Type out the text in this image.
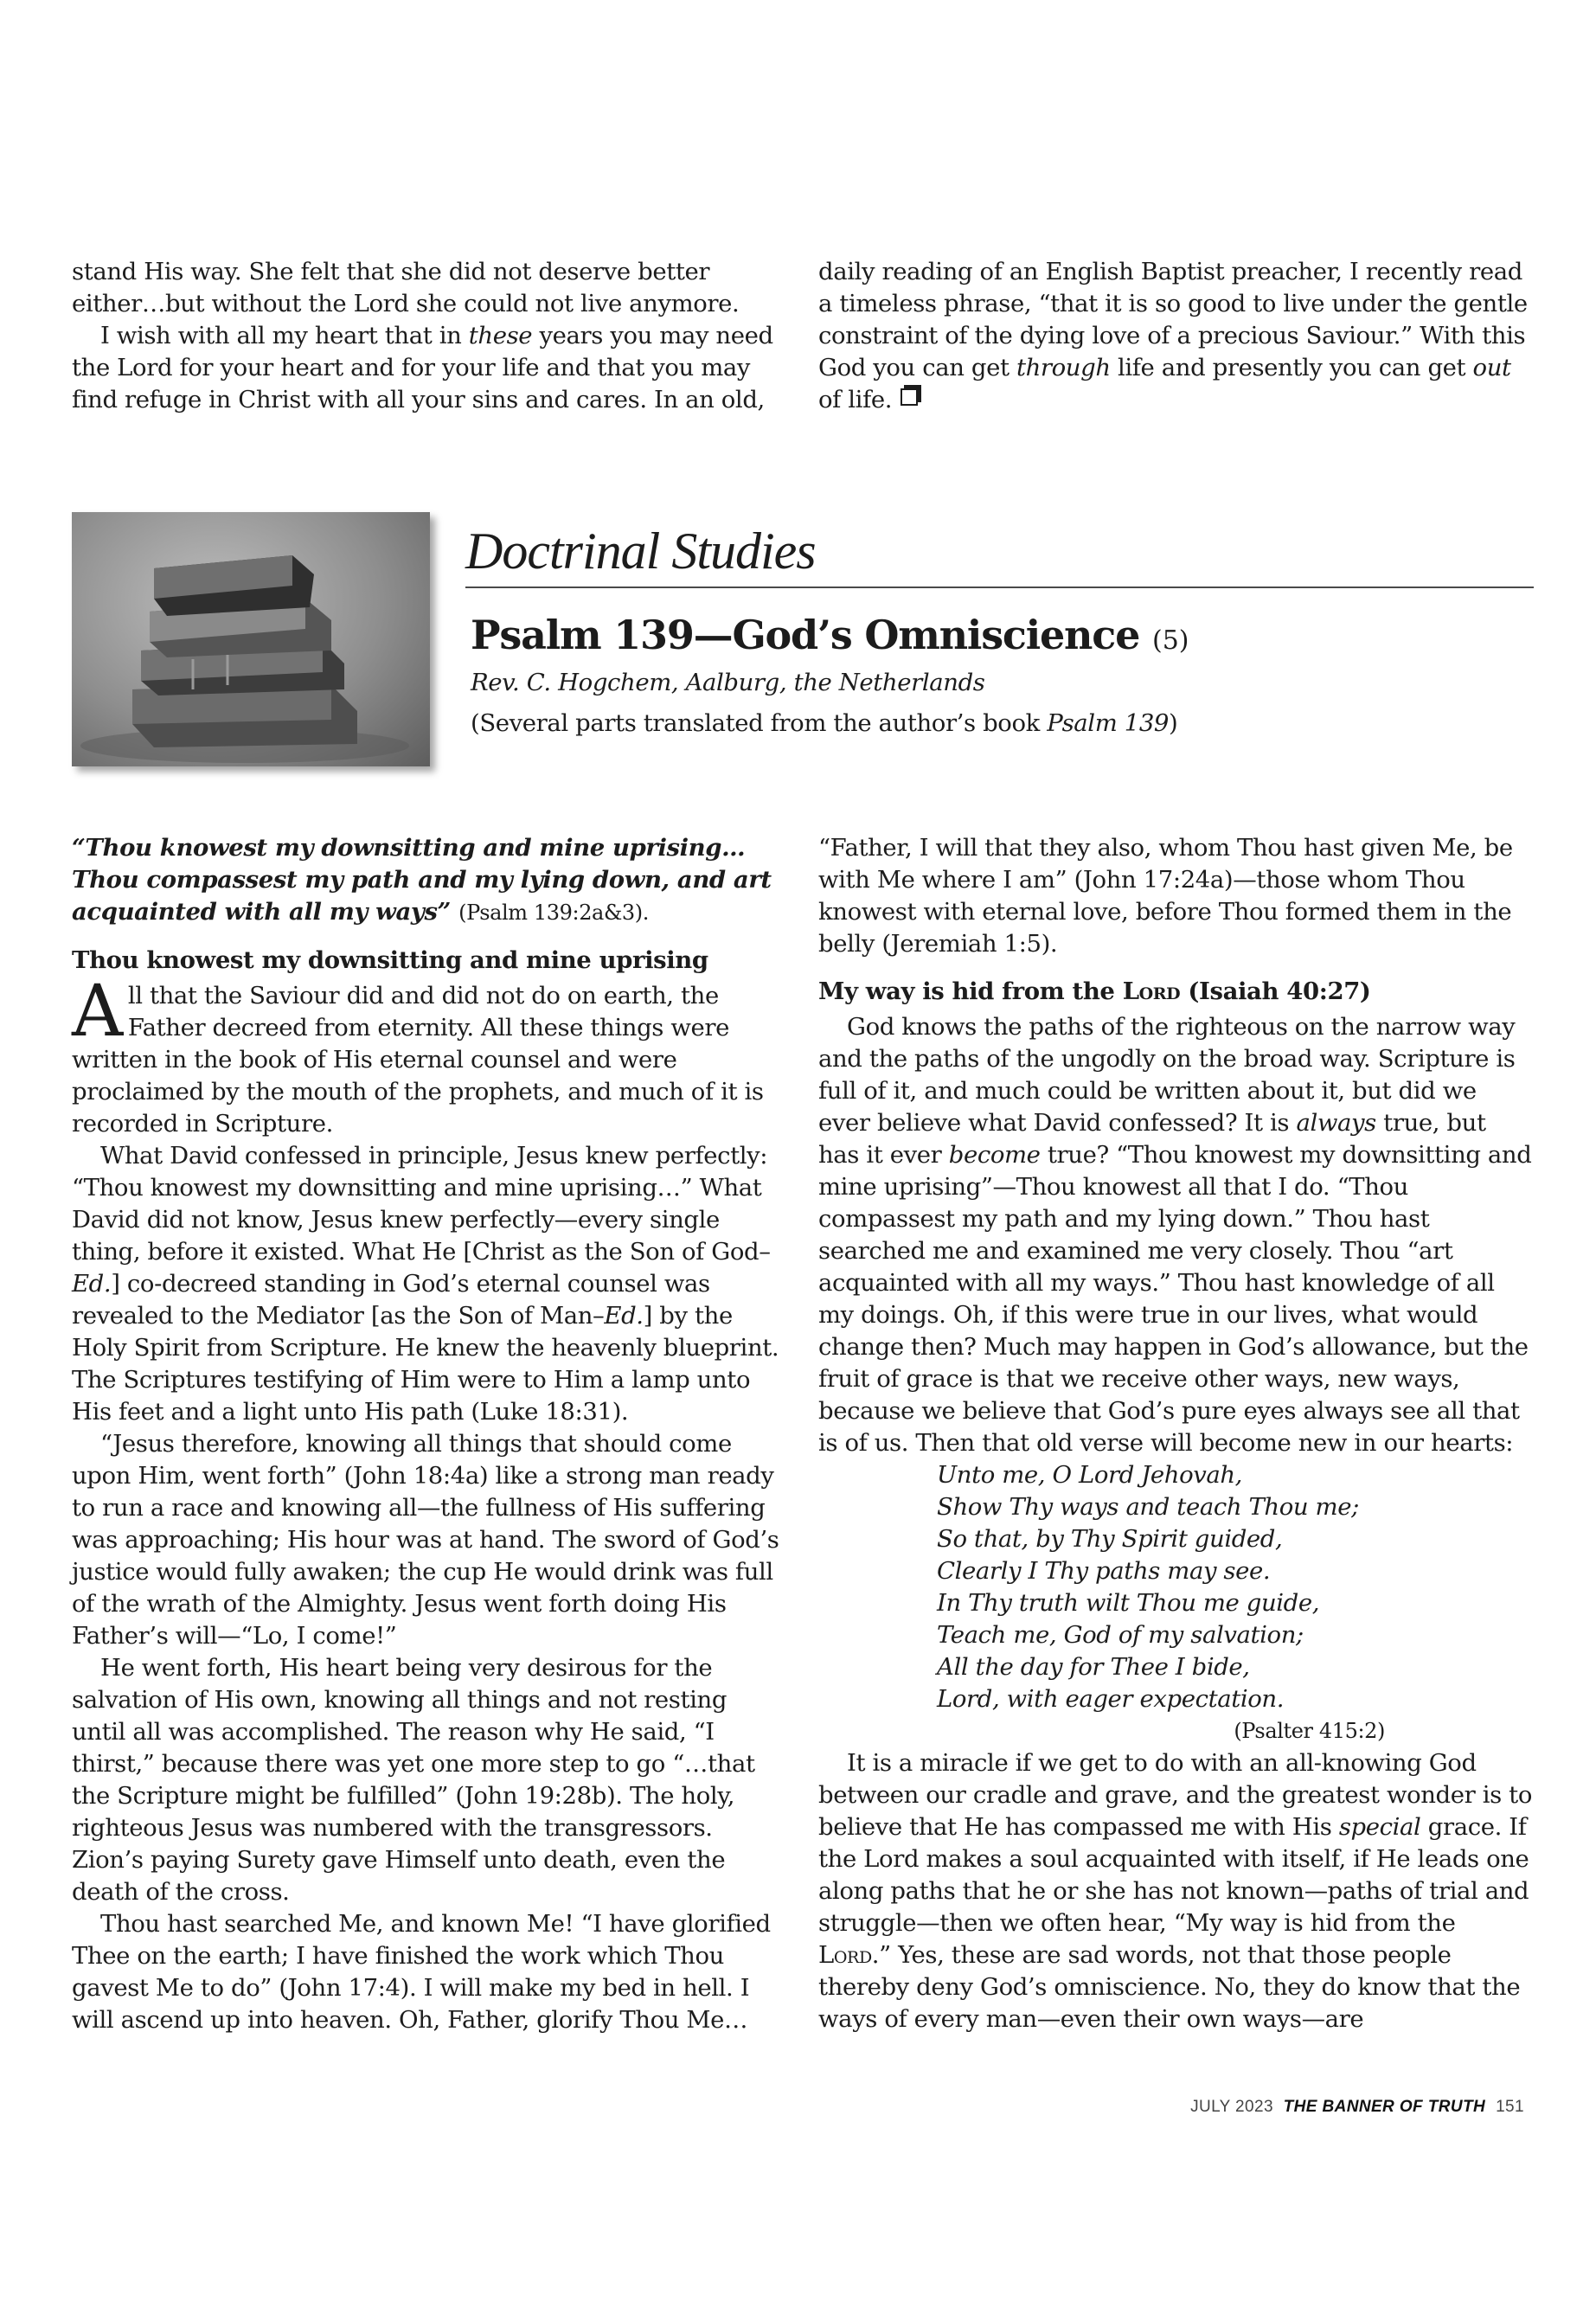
stand His way. She felt that she did not deserve better either…but without the Lord she could not live anymore.

I wish with all my heart that in these years you may need the Lord for your heart and for your life and that you may find refuge in Christ with all your sins and cares. In an old,

daily reading of an English Baptist preacher, I recently read a timeless phrase, “that it is so good to live under the gentle constraint of the dying love of a precious Saviour.” With this God you can get through life and presently you can get out of life.

Doctrinal Studies
Psalm 139—God’s Omniscience (5)
Rev. C. Hogchem, Aalburg, the Netherlands
(Several parts translated from the author’s book Psalm 139)

“Thou knowest my downsitting and mine uprising… Thou compassest my path and my lying down, and art acquainted with all my ways” (Psalm 139:2a&3).

Thou knowest my downsitting and mine uprising

All that the Saviour did and did not do on earth, the Father decreed from eternity. All these things were written in the book of His eternal counsel and were proclaimed by the mouth of the prophets, and much of it is recorded in Scripture.

What David confessed in principle, Jesus knew perfectly: “Thou knowest my downsitting and mine uprising…” What David did not know, Jesus knew perfectly—every single thing, before it existed. What He [Christ as the Son of God–Ed.] co-decreed standing in God’s eternal counsel was revealed to the Mediator [as the Son of Man–Ed.] by the Holy Spirit from Scripture. He knew the heavenly blueprint. The Scriptures testifying of Him were to Him a lamp unto His feet and a light unto His path (Luke 18:31).

“Jesus therefore, knowing all things that should come upon Him, went forth” (John 18:4a) like a strong man ready to run a race and knowing all—the fullness of His suffering was approaching; His hour was at hand. The sword of God’s justice would fully awaken; the cup He would drink was full of the wrath of the Almighty. Jesus went forth doing His Father’s will—“Lo, I come!”

He went forth, His heart being very desirous for the salvation of His own, knowing all things and not resting until all was accomplished. The reason why He said, “I thirst,” because there was yet one more step to go “…that the Scripture might be fulfilled” (John 19:28b). The holy, righteous Jesus was numbered with the transgressors. Zion’s paying Surety gave Himself unto death, even the death of the cross.

Thou hast searched Me, and known Me! “I have glorified Thee on the earth; I have finished the work which Thou gavest Me to do” (John 17:4). I will make my bed in hell. I will ascend up into heaven. Oh, Father, glorify Thou Me…

“Father, I will that they also, whom Thou hast given Me, be with Me where I am” (John 17:24a)—those whom Thou knowest with eternal love, before Thou formed them in the belly (Jeremiah 1:5).

My way is hid from the Lord (Isaiah 40:27)

God knows the paths of the righteous on the narrow way and the paths of the ungodly on the broad way. Scripture is full of it, and much could be written about it, but did we ever believe what David confessed? It is always true, but has it ever become true? “Thou knowest my downsitting and mine uprising”—Thou knowest all that I do. “Thou compassest my path and my lying down.” Thou hast searched me and examined me very closely. Thou “art acquainted with all my ways.” Thou hast knowledge of all my doings. Oh, if this were true in our lives, what would change then? Much may happen in God’s allowance, but the fruit of grace is that we receive other ways, new ways, because we believe that God’s pure eyes always see all that is of us. Then that old verse will become new in our hearts:

Unto me, O Lord Jehovah,
Show Thy ways and teach Thou me;
So that, by Thy Spirit guided,
Clearly I Thy paths may see.
In Thy truth wilt Thou me guide,
Teach me, God of my salvation;
All the day for Thee I bide,
Lord, with eager expectation.

(Psalter 415:2)

It is a miracle if we get to do with an all-knowing God between our cradle and grave, and the greatest wonder is to believe that He has compassed me with His special grace. If the Lord makes a soul acquainted with itself, if He leads one along paths that he or she has not known—paths of trial and struggle—then we often hear, “My way is hid from the Lord.” Yes, these are sad words, not that those people thereby deny God’s omniscience. No, they do know that the ways of every man—even their own ways—are

JULY 2023 THE BANNER OF TRUTH 151
